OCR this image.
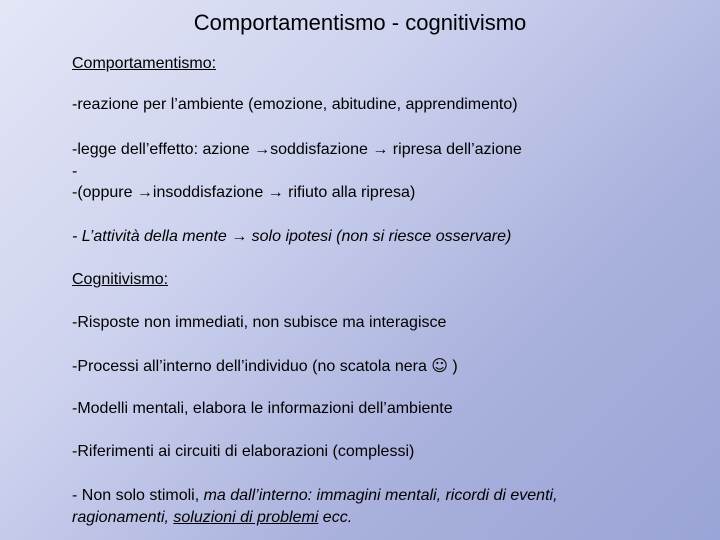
Comportamentismo - cognitivismo
Comportamentismo:
-reazione per l’ambiente (emozione, abitudine, apprendimento)
-legge dell’effetto: azione →soddisfazione → ripresa dell’azione
-
-(oppure →insoddisfazione → rifiuto alla ripresa)
- L’attività della mente → solo ipotesi (non si riesce osservare)
Cognitivismo:
-Risposte non immediati, non subisce ma interagisce
-Processi all’interno dell’individuo (no scatola nera ☺ )
-Modelli mentali, elabora le informazioni dell’ambiente
-Riferimenti ai circuiti di elaborazioni (complessi)
- Non solo stimoli, ma dall’interno: immagini mentali, ricordi di eventi,
ragionamenti, soluzioni di problemi ecc.
